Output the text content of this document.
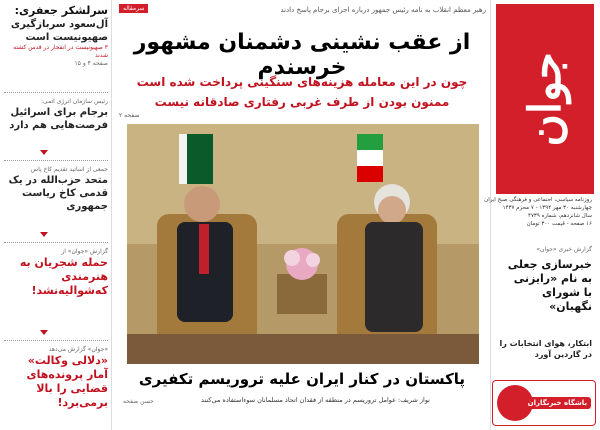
جوان
روزنامه سیاسی، اجتماعی و فرهنگی صبح ایران
چهارشنبه ۳۰ مهر ۱۳۹۴ - ۷ محرم ۱۴۳۷
سال شانزدهم، شماره ۴۷۳۹
۱۶ صفحه - قیمت ۳۰۰ تومان
گزارش خبری «جوان»
خبرسازی جعلی
به نام «رایزنی
با شورای نگهبان»
ابتکار، هوای انتخابات را در گاردین آورد
باشگاه خبرنگاران
سرمقاله	رهبر معظم انقلاب به نامه رئیس جمهور درباره اجرای برجام پاسخ دادند
از عقب نشینی دشمنان مشهور خرسندم
چون در این معامله هزینه‌های سنگینی پرداخت شده است
ممنون بودن از طرف غربی رفتاری صادقانه نیست
صفحه ۲
پاکستان در کنار ایران علیه تروریسم تکفیری
نواز شریف: عوامل تروریسم در منطقه از فقدان اتحاد مسلمانان سوءاستفاده می‌کنند
حسن صفحه
سرلشکر جعفری:
آل‌سعود سرباز‌گیری صهیونیست است
۳ صهیونیست در انفجار در قدس کشته شدند
صفحه ۴ و ۱۵
رئیس سازمان انرژی اتمی:
برجام برای اسرائیل فرصت‌هایی هم دارد
جمعی از اساتید تقدیم کاخ پاس
متحد حزب‌الله در یک قدمی کاخ ریاست جمهوری
گزارش «جوان» از
حمله شجریان به هنرمندی که‌شوالیه‌نشد!
«جوان» گزارش می‌دهد
«دلالی وکالت» آمار پرونده‌های قضایی را بالا برمی‌برد!
